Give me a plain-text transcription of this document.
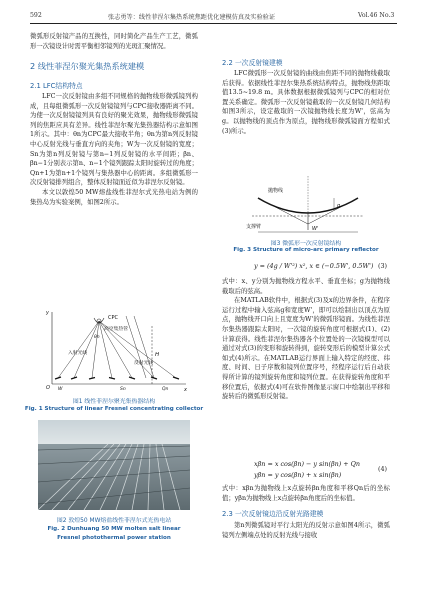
592	张志勇等：线性菲涅尔集热系统焦距优化建模仿真及实验验证	Vol.46 No.3

微弧形反射镜产品的互换性，同时简化产品生产工艺，微弧形一次镜设计时需平衡相邻镜列的光斑汇聚情况。

2 线性菲涅尔聚光集热系统建模
2.1 LFC结构特点

LFC一次反射镜由多组不同规格的抛物线形微弧镜列构成，且每组微弧形一次反射镜镜列与CPC接收器距离不同。为使一次反射镜镜列具有良好的聚光效果，抛物线形微弧镜列的焦距应具有差异。线性菲涅尔聚光集热器结构示意如图1所示。其中：θn为CPC最大接收半角；θn为第n列反射镜中心反射光线与垂直方向的夹角；W为一次反射镜的宽度；Sn为第n列反射镜与第n−1列反射镜的水平间距；βn、βn−1分别表示第n、n−1个镜列跟踪太阳时旋转过的角度；Qn+1为第n+1个镜列与集热器中心的距离。多组微弧形一次反射镜排列组合，整体反射镜面近似为菲涅尔反射镜。

本文以敦煌50 MW熔盐线性菲涅尔式光热电站为例的集热岛为实验案例，如图2所示。

CPC
高空集热管
入射光线
反射光线
H
O	x
y
θn
Sn
W	Qn
图1 线性菲涅尔聚光集热器结构
Fig. 1 Structure of linear Fresnel concentrating collector
图2 敦煌50 MW熔盐线性菲涅尔式光热电站
Fig. 2 Dunhuang 50 MW molten salt linear Fresnel photothermal power station
2.2 一次反射镜建模

LFC微弧形一次反射镜的曲线由焦距不同的抛物线截取后获得。依据线性菲涅尔集热系统结构特点，抛物线焦距取值13.5~19.8 m。具体数据根据微弧镜列与CPC的相对位置关系确定。微弧形一次反射镜截取的一次反射镜几何结构如图3所示，设定截取的一次镜抛物线长度为W'，弦高为g。以抛物线的顶点作为原点，抛物线形微弧镜面方程如式(3)所示。

抛物线
支撑臂
g
W'
图3 微弧形一次反射镜结构
Fig. 3 Structure of micro-arc primary reflector
y = (4g / W'²) x², x ∈ (−0.5W', 0.5W') (3)

式中：x、y分别为抛物线方程水平、垂直坐标；g为抛物线截取后的弦高。

在MATLAB软件中，根据式(3)及x的边界条件，在程序运行过程中输入弦高g和宽度W'，即可以绘制出以顶点为原点，抛物线开口向上且宽度为W'的微弧形镜面。为线性菲涅尔集热器跟踪太阳时，一次镜的旋转角度可根据式(1)、(2)计算获得。线性菲涅尔集热器各个位置处的一次镜模型可以通过对式(3)的变形和旋转得到，旋转变形后的模型计算公式如式(4)所示。在MATLAB运行界面上输入特定的经度、纬度、时间、日子序数和镜列位置序号，经程序运行后自动获得所计算的镜列旋转角度和镜列位置。在获得旋转角度和平移位置后，依据式(4)可在软件图像显示窗口中绘制出平移和旋转后的微弧形反射镜。

xβn = x cos(βn) − y sin(βn) + Qn
yβn = y cos(βn) + x sin(βn)
(4)

式中：xβn为抛物线上x点旋转βn角度和平移Qn后的坐标值；yβn为抛物线上x点旋转βn角度后的坐标值。

2.3 一次反射镜边沿反射光路建模

第n列微弧镜对平行太阳光的反射示意如图4所示，微弧镜列左侧端点处的反射光线与接收
